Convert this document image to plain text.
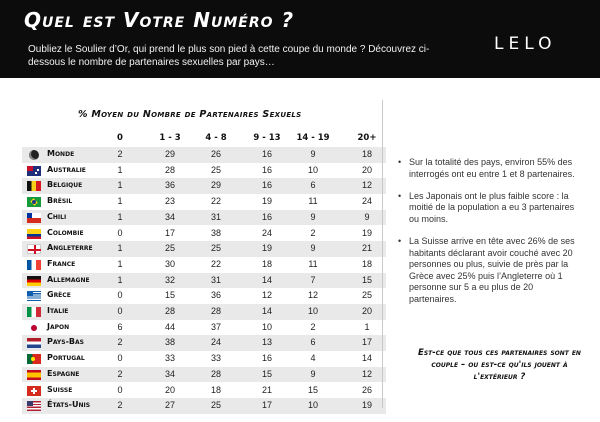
Quel est Votre Numéro ?
Oubliez le Soulier d’Or, qui prend le plus son pied à cette coupe du monde ? Découvrez ci-dessous le nombre de partenaires sexuelles par pays…
LELO
% Moyen du Nombre de Partenaires Sexuels
0	1 - 3	4 - 8	9 - 13	14 - 19	20+
Monde	2	29	26	16	9	18
Australie	1	28	25	16	10	20
Belgique	1	36	29	16	6	12
Brésil	1	23	22	19	11	24
Chili	1	34	31	16	9	9
Colombie	0	17	38	24	2	19
Angleterre	1	25	25	19	9	21
France	1	30	22	18	11	18
Allemagne	1	32	31	14	7	15
Grèce	0	15	36	12	12	25
Italie	0	28	28	14	10	20
Japon	6	44	37	10	2	1
Pays-Bas	2	38	24	13	6	17
Portugal	0	33	33	16	4	14
Espagne	2	34	28	15	9	12
Suisse	0	20	18	21	15	26
États-Unis	2	27	25	17	10	19
• Sur la totalité des pays, environ 55% des interrogés ont eu entre 1 et 8 partenaires.
• Les Japonais ont le plus faible score : la moitié de la population a eu 3 partenaires ou moins.
• La Suisse arrive en tête avec 26% de ses habitants déclarant avoir couché avec 20 personnes ou plus, suivie de près par la Grèce avec 25% puis l’Angleterre où 1 personne sur 5 a eu plus de 20 partenaires.
Est-ce que tous ces partenaires sont en couple – ou est-ce qu'ils jouent à l'extérieur ?
